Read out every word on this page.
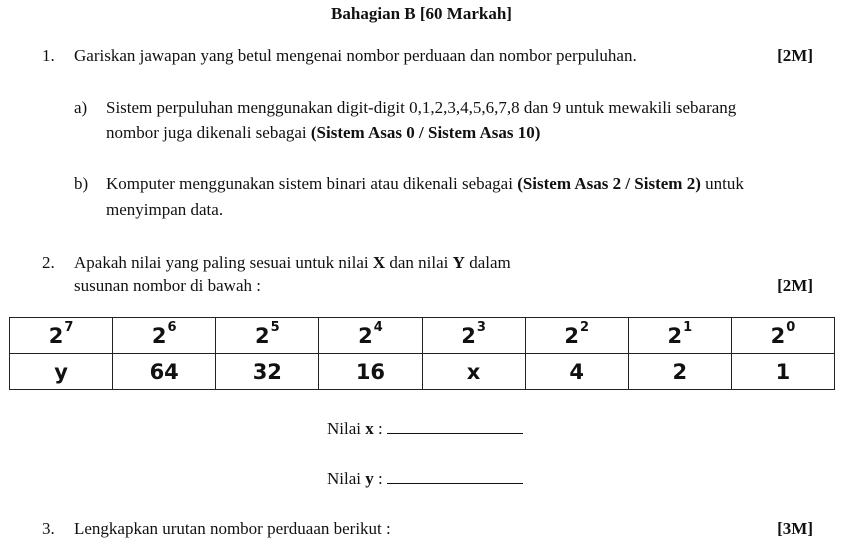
Bahagian B [60 Markah]
1. Gariskan jawapan yang betul mengenai nombor perduaan dan nombor perpuluhan.	[2M]
a) Sistem perpuluhan menggunakan digit-digit 0,1,2,3,4,5,6,7,8 dan 9 untuk mewakili sebarang
nombor juga dikenali sebagai (Sistem Asas 0 / Sistem Asas 10)
b) Komputer menggunakan sistem binari atau dikenali sebagai (Sistem Asas 2 / Sistem 2) untuk
menyimpan data.
2. Apakah nilai yang paling sesuai untuk nilai X dan nilai Y dalam
susunan nombor di bawah :	[2M]
$2^7$	$2^6$	$2^5$	$2^4$	$2^3$	$2^2$	$2^1$	$2^0$
y	64	32	16	x	4	2	1
Nilai x :
Nilai y :
3. Lengkapkan urutan nombor perduaan berikut :	[3M]
